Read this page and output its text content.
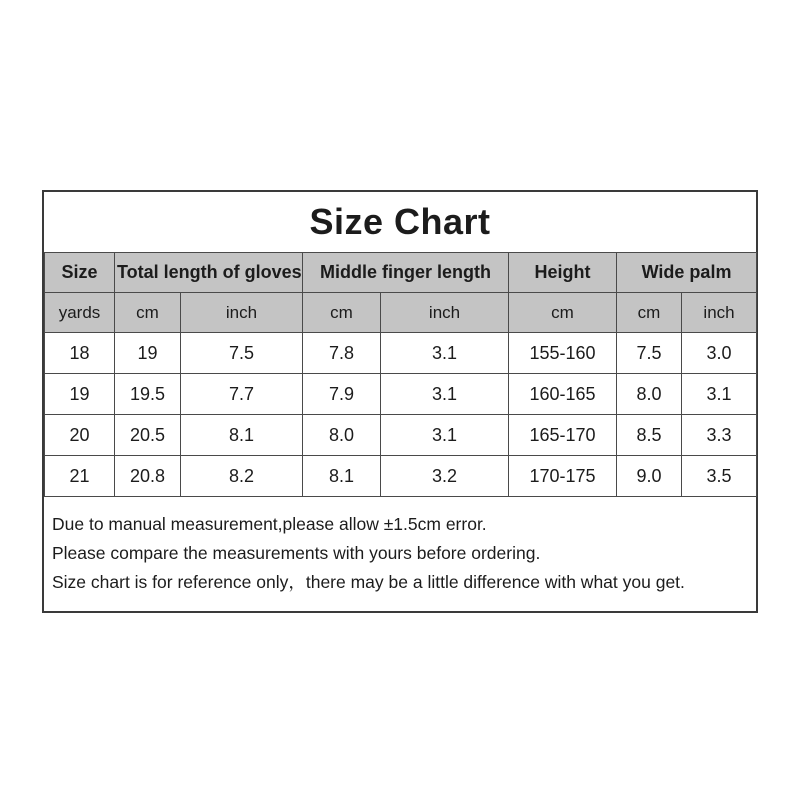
Size Chart
Size	Total length of gloves		Middle finger length		Height	Wide palm	
yards	cm	inch	cm	inch	cm	cm	inch
18	19	7.5	7.8	3.1	155-160	7.5	3.0
19	19.5	7.7	7.9	3.1	160-165	8.0	3.1
20	20.5	8.1	8.0	3.1	165-170	8.5	3.3
21	20.8	8.2	8.1	3.2	170-175	9.0	3.5
Due to manual measurement,please allow ±1.5cm error.
Please compare the measurements with yours before ordering.
Size chart is for reference only，there may be a little difference with what you get.
